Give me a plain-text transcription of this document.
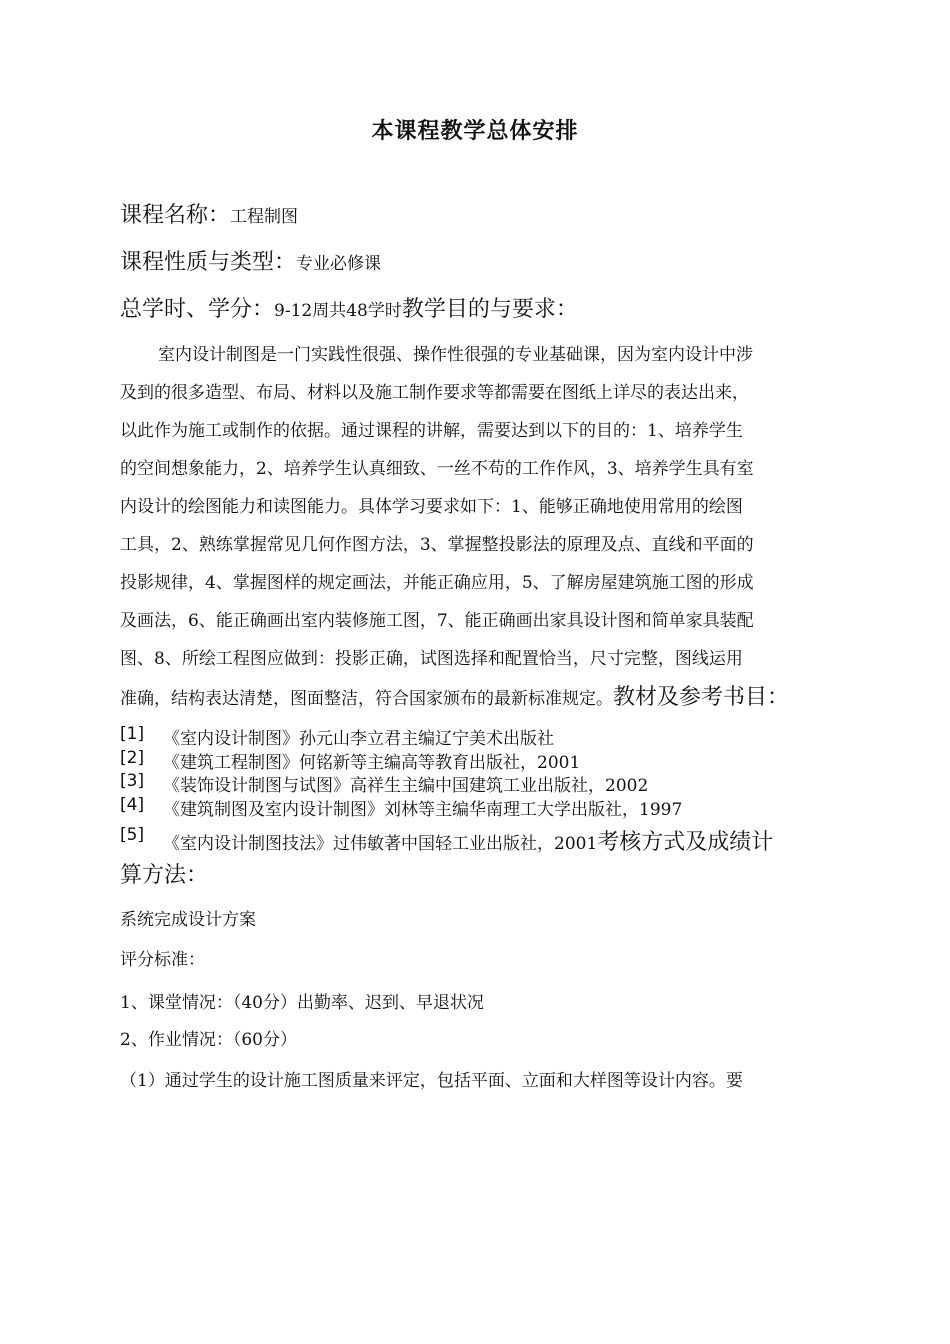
本课程教学总体安排
课程名称：工程制图
课程性质与类型：专业必修课
总学时、学分：9-12周共48学时教学目的与要求：
室内设计制图是一门实践性很强、操作性很强的专业基础课，因为室内设计中涉
及到的很多造型、布局、材料以及施工制作要求等都需要在图纸上详尽的表达出来，
以此作为施工或制作的依据。通过课程的讲解，需要达到以下的目的：1、培养学生
的空间想象能力，2、培养学生认真细致、一丝不苟的工作作风，3、培养学生具有室
内设计的绘图能力和读图能力。具体学习要求如下：1、能够正确地使用常用的绘图
工具，2、熟练掌握常见几何作图方法，3、掌握整投影法的原理及点、直线和平面的
投影规律，4、掌握图样的规定画法，并能正确应用，5、了解房屋建筑施工图的形成
及画法，6、能正确画出室内装修施工图，7、能正确画出家具设计图和简单家具装配
图、8、所绘工程图应做到：投影正确，试图选择和配置恰当，尺寸完整，图线运用
准确，结构表达清楚，图面整洁，符合国家颁布的最新标准规定。教材及参考书目：
[1] 《室内设计制图》孙元山李立君主编辽宁美术出版社
[2] 《建筑工程制图》何铭新等主编高等教育出版社，2001
[3] 《装饰设计制图与试图》高祥生主编中国建筑工业出版社，2002
[4] 《建筑制图及室内设计制图》刘林等主编华南理工大学出版社，1997
[5] 《室内设计制图技法》过伟敏著中国轻工业出版社，2001考核方式及成绩计
算方法：
系统完成设计方案
评分标准：
1、课堂情况：（40分）出勤率、迟到、早退状况
2、作业情况：（60分）
（1）通过学生的设计施工图质量来评定，包括平面、立面和大样图等设计内容。要
